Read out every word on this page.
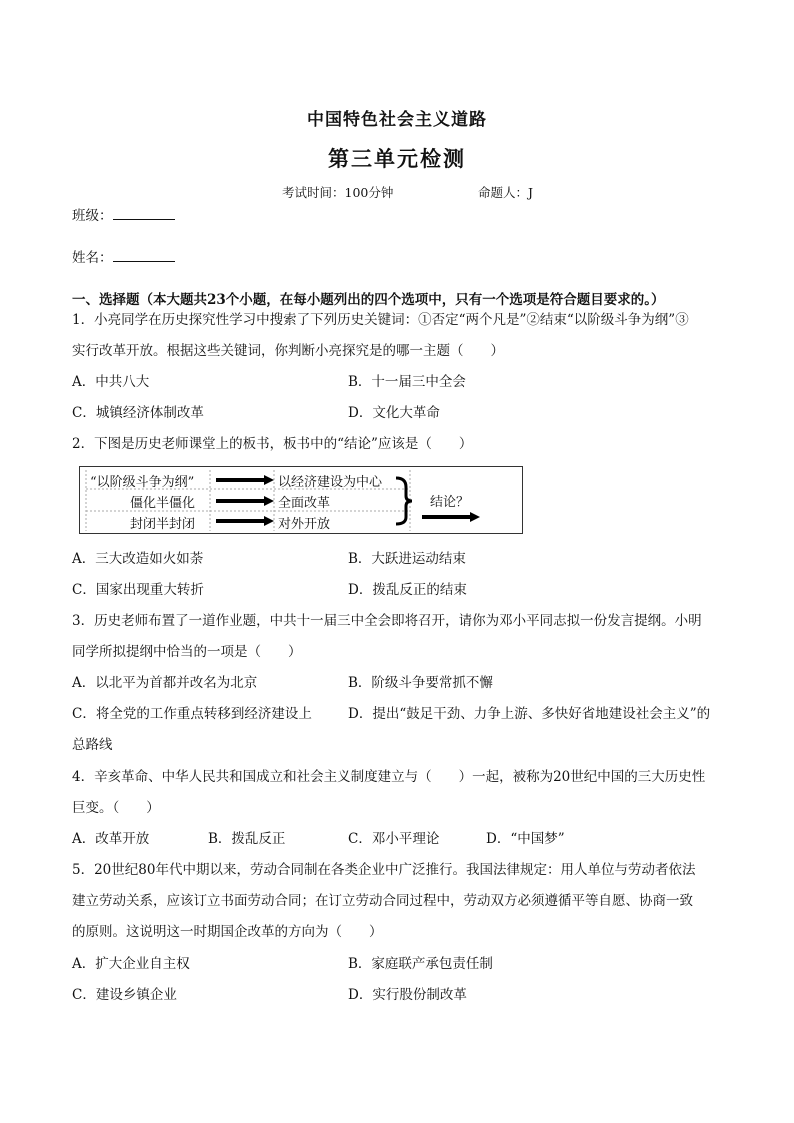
中国特色社会主义道路
第三单元检测
考试时间：100分钟	命题人：J
班级：
姓名：
一、选择题（本大题共23个小题，在每小题列出的四个选项中，只有一个选项是符合题目要求的。）
1．小亮同学在历史探究性学习中搜索了下列历史关键词：①否定“两个凡是”②结束“以阶级斗争为纲”③
实行改革开放。根据这些关键词，你判断小亮探究是的哪一主题（　　）
A．中共八大	B．十一届三中全会
C．城镇经济体制改革	D．文化大革命
2．下图是历史老师课堂上的板书，板书中的“结论”应该是（　　）
“以阶级斗争为纲”
僵化半僵化
封闭半封闭
以经济建设为中心
全面改革
对外开放
结论？
A．三大改造如火如荼	B．大跃进运动结束
C．国家出现重大转折	D．拨乱反正的结束
3．历史老师布置了一道作业题，中共十一届三中全会即将召开，请你为邓小平同志拟一份发言提纲。小明
同学所拟提纲中恰当的一项是（　　）
A．以北平为首都并改名为北京	B．阶级斗争要常抓不懈
C．将全党的工作重点转移到经济建设上	D．提出“鼓足干劲、力争上游、多快好省地建设社会主义”的
总路线
4．辛亥革命、中华人民共和国成立和社会主义制度建立与（　　）一起，被称为20世纪中国的三大历史性
巨变。（　　）
A．改革开放	B．拨乱反正	C．邓小平理论	D．“中国梦”
5．20世纪80年代中期以来，劳动合同制在各类企业中广泛推行。我国法律规定：用人单位与劳动者依法
建立劳动关系，应该订立书面劳动合同；在订立劳动合同过程中，劳动双方必须遵循平等自愿、协商一致
的原则。这说明这一时期国企改革的方向为（　　）
A．扩大企业自主权	B．家庭联产承包责任制
C．建设乡镇企业	D．实行股份制改革
